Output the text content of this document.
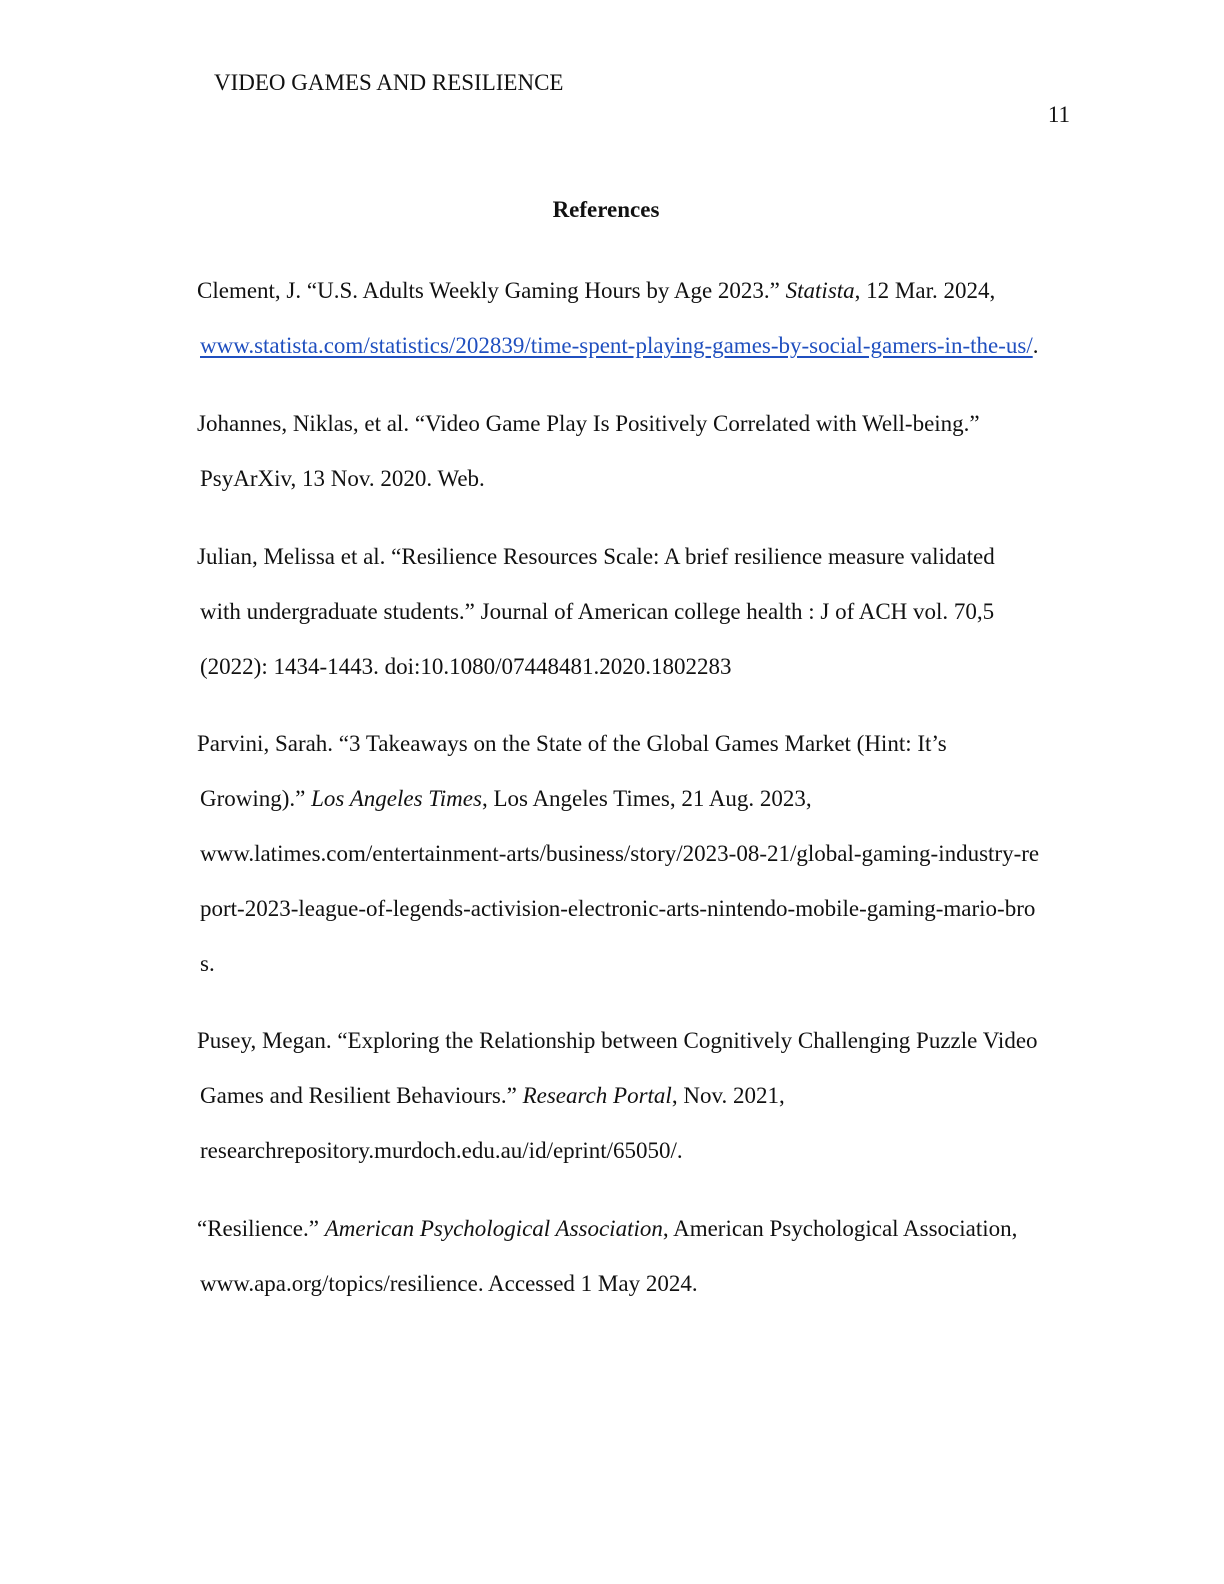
VIDEO GAMES AND RESILIENCE
11
References
Clement, J. “U.S. Adults Weekly Gaming Hours by Age 2023.” Statista, 12 Mar. 2024,
www.statista.com/statistics/202839/time-spent-playing-games-by-social-gamers-in-the-us/.
Johannes, Niklas, et al. “Video Game Play Is Positively Correlated with Well-being.”
PsyArXiv, 13 Nov. 2020. Web.
Julian, Melissa et al. “Resilience Resources Scale: A brief resilience measure validated
with undergraduate students.” Journal of American college health : J of ACH vol. 70,5
(2022): 1434-1443. doi:10.1080/07448481.2020.1802283
Parvini, Sarah. “3 Takeaways on the State of the Global Games Market (Hint: It’s
Growing).” Los Angeles Times, Los Angeles Times, 21 Aug. 2023,
www.latimes.com/entertainment-arts/business/story/2023-08-21/global-gaming-industry-re
port-2023-league-of-legends-activision-electronic-arts-nintendo-mobile-gaming-mario-bro
s.
Pusey, Megan. “Exploring the Relationship between Cognitively Challenging Puzzle Video
Games and Resilient Behaviours.” Research Portal, Nov. 2021,
researchrepository.murdoch.edu.au/id/eprint/65050/.
“Resilience.” American Psychological Association, American Psychological Association,
www.apa.org/topics/resilience. Accessed 1 May 2024.
